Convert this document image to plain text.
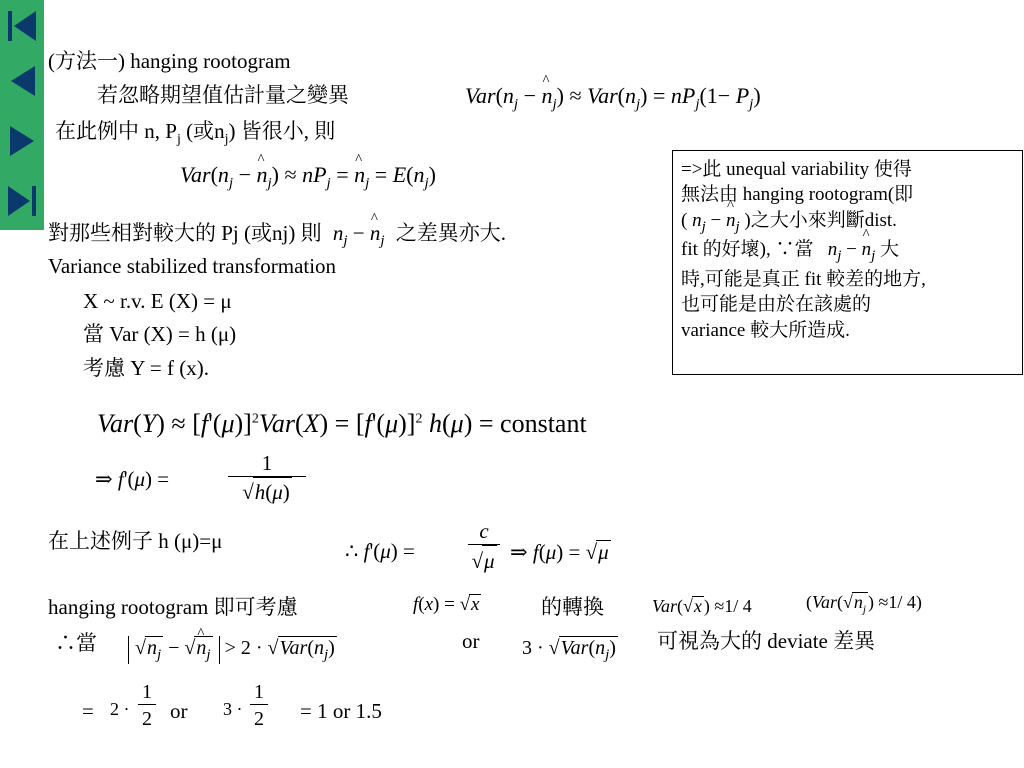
(方法一) hanging rootogram
若忽略期望值估計量之變異	$Var(n_j$ − ^ $n_j) \approx Var(n_j) = nP_j(1- P_j)$
在此例中 n, $P_j$ (或$n_j$) 皆很小, 則
$Var(n_j$ − ^ $n_j) \approx nP_j$ = ^ $n_j = E(n_j)$
對那些相對較大的 Pj (或nj) 則 $n_j$ − ^ $n_j$ 之差異亦大.
Variance stabilized transformation
X ~ r.v. E (X) = μ
當 Var (X) = h (μ)
考慮 Y = f (x).
$Var(Y) \approx [f'(\mu)]^2Var(X) = [f'(\mu)]^2$ h(μ) = constant
⇒ f'(μ) =	$\frac{1}{√h(\mu)}$
在上述例子 h (μ)=μ	∴ f'(μ) =	$\frac{c}{√\mu}$ ⇒ f(μ) = √μ
hanging rootogram 即可考慮	f(x) = √x	的轉換	Var(√x ) ≈1/ 4	($Var(√n_j$ ) ≈1/ 4)
∴當	$√n_j$ − √^ $n_j > 2 \cdot √Var(n_j)$	or $3 \cdot √Var(n_j)$ 可視為大的 deviate 差異
= $2 \cdot \frac{1}{2}$ or $3 \cdot \frac{1}{2} = 1$ or 1.5
=>此 unequal variability 使得
無法由 hanging rootogram(即
( $n_j$ − ^ $n_j$ )之大小來判斷dist.
fit 的好壞), ∵當 $n_j$ − ^ $n_j$ 大
時,可能是真正 fit 較差的地方,
也可能是由於在該處的
variance 較大所造成.
